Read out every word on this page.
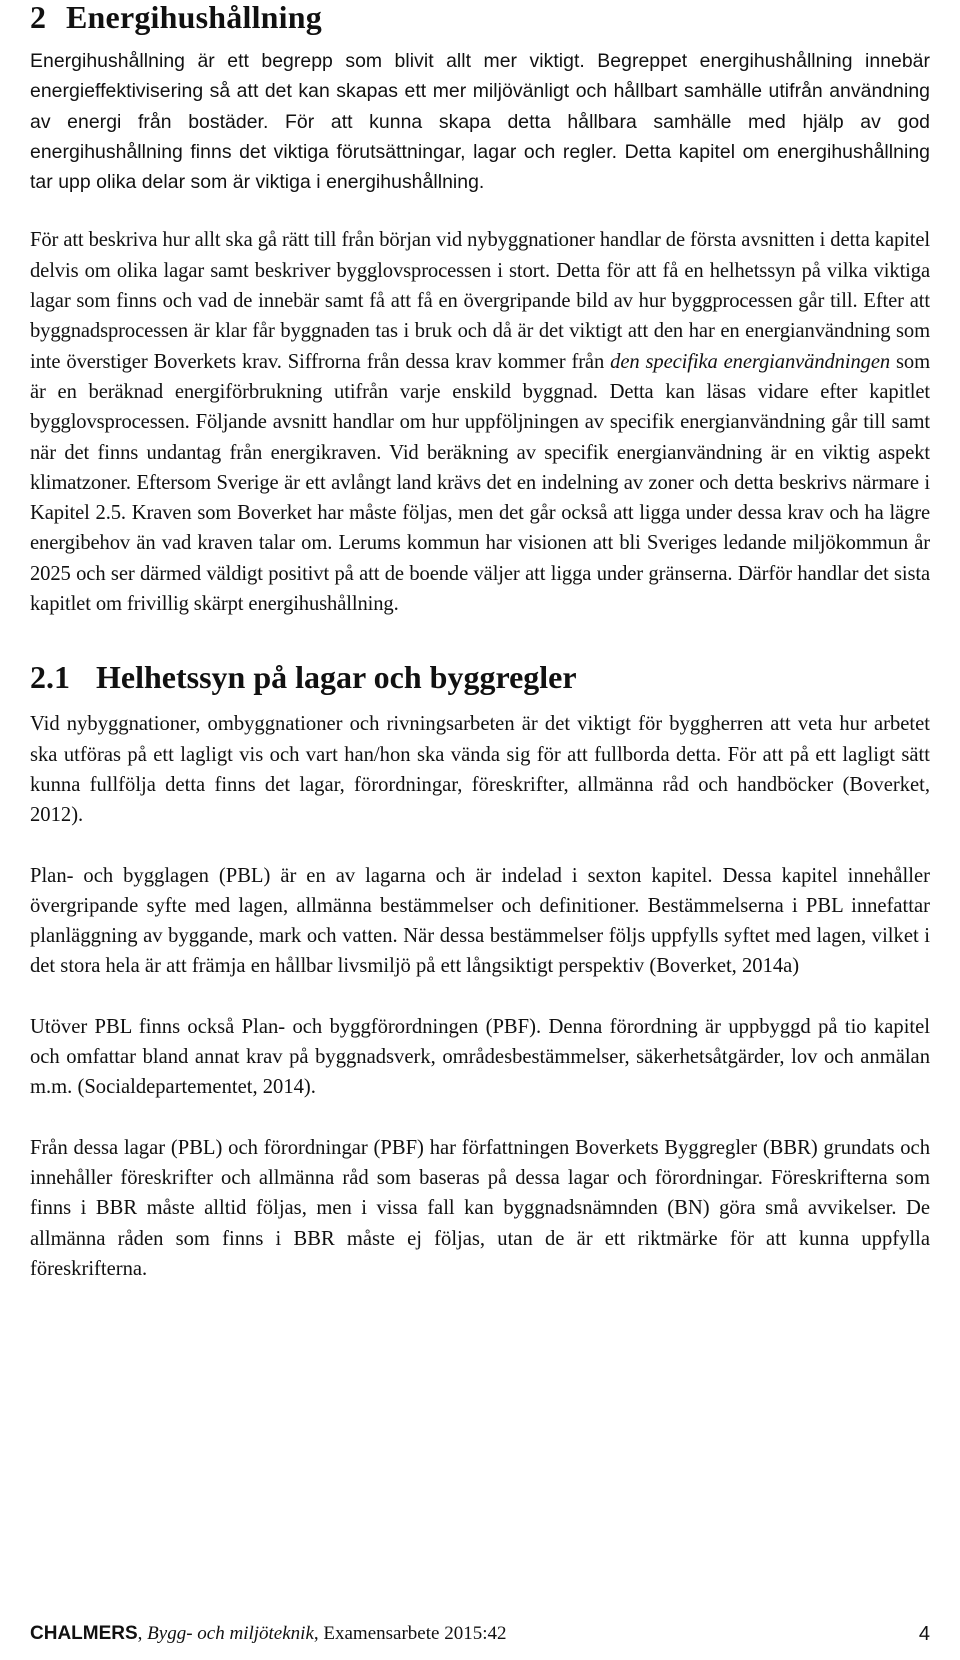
2 Energihushållning

Energihushållning är ett begrepp som blivit allt mer viktigt. Begreppet energihushållning innebär energieffektivisering så att det kan skapas ett mer miljövänligt och hållbart samhälle utifrån användning av energi från bostäder. För att kunna skapa detta hållbara samhälle med hjälp av god energihushållning finns det viktiga förutsättningar, lagar och regler. Detta kapitel om energihushållning tar upp olika delar som är viktiga i energihushållning.

För att beskriva hur allt ska gå rätt till från början vid nybyggnationer handlar de första avsnitten i detta kapitel delvis om olika lagar samt beskriver bygglovsprocessen i stort. Detta för att få en helhetssyn på vilka viktiga lagar som finns och vad de innebär samt få att få en övergripande bild av hur byggprocessen går till. Efter att byggnadsprocessen är klar får byggnaden tas i bruk och då är det viktigt att den har en energianvändning som inte överstiger Boverkets krav. Siffrorna från dessa krav kommer från den specifika energianvändningen som är en beräknad energiförbrukning utifrån varje enskild byggnad. Detta kan läsas vidare efter kapitlet bygglovsprocessen. Följande avsnitt handlar om hur uppföljningen av specifik energianvändning går till samt när det finns undantag från energikraven. Vid beräkning av specifik energianvändning är en viktig aspekt klimatzoner. Eftersom Sverige är ett avlångt land krävs det en indelning av zoner och detta beskrivs närmare i Kapitel 2.5. Kraven som Boverket har måste följas, men det går också att ligga under dessa krav och ha lägre energibehov än vad kraven talar om. Lerums kommun har visionen att bli Sveriges ledande miljökommun år 2025 och ser därmed väldigt positivt på att de boende väljer att ligga under gränserna. Därför handlar det sista kapitlet om frivillig skärpt energihushållning.

2.1 Helhetssyn på lagar och byggregler

Vid nybyggnationer, ombyggnationer och rivningsarbeten är det viktigt för byggherren att veta hur arbetet ska utföras på ett lagligt vis och vart han/hon ska vända sig för att fullborda detta. För att på ett lagligt sätt kunna fullfölja detta finns det lagar, förordningar, föreskrifter, allmänna råd och handböcker (Boverket, 2012).

Plan- och bygglagen (PBL) är en av lagarna och är indelad i sexton kapitel. Dessa kapitel innehåller övergripande syfte med lagen, allmänna bestämmelser och definitioner. Bestämmelserna i PBL innefattar planläggning av byggande, mark och vatten. När dessa bestämmelser följs uppfylls syftet med lagen, vilket i det stora hela är att främja en hållbar livsmiljö på ett långsiktigt perspektiv (Boverket, 2014a)

Utöver PBL finns också Plan- och byggförordningen (PBF). Denna förordning är uppbyggd på tio kapitel och omfattar bland annat krav på byggnadsverk, områdesbestämmelser, säkerhetsåtgärder, lov och anmälan m.m. (Socialdepartementet, 2014).

Från dessa lagar (PBL) och förordningar (PBF) har författningen Boverkets Byggregler (BBR) grundats och innehåller föreskrifter och allmänna råd som baseras på dessa lagar och förordningar. Föreskrifterna som finns i BBR måste alltid följas, men i vissa fall kan byggnadsnämnden (BN) göra små avvikelser. De allmänna råden som finns i BBR måste ej följas, utan de är ett riktmärke för att kunna uppfylla föreskrifterna.

CHALMERS, Bygg- och miljöteknik, Examensarbete 2015:42	4
